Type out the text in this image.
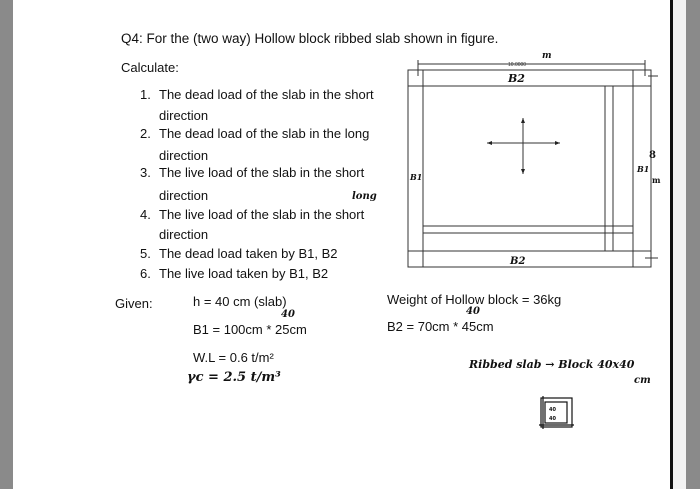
Q4: For the (two way) Hollow block ribbed slab shown in figure.
Calculate:
1. The dead load of the slab in the short
direction
2. The dead load of the slab in the long
direction
3. The live load of the slab in the short
direction
4. The live load of the slab in the short
long
direction
5. The dead load taken by B1, B2
6. The live load taken by B1, B2
Given:	h = 40 cm (slab)
40
B1 = 100cm * 25cm
W.L = 0.6 t/m²
γc = 2.5 t/m³
Weight of Hollow block = 36kg
40
B2 = 70cm * 45cm
Ribbed slab → Block 40x40
cm
10.0000
m
B2
B2
B1
B1
8
m
40
40
